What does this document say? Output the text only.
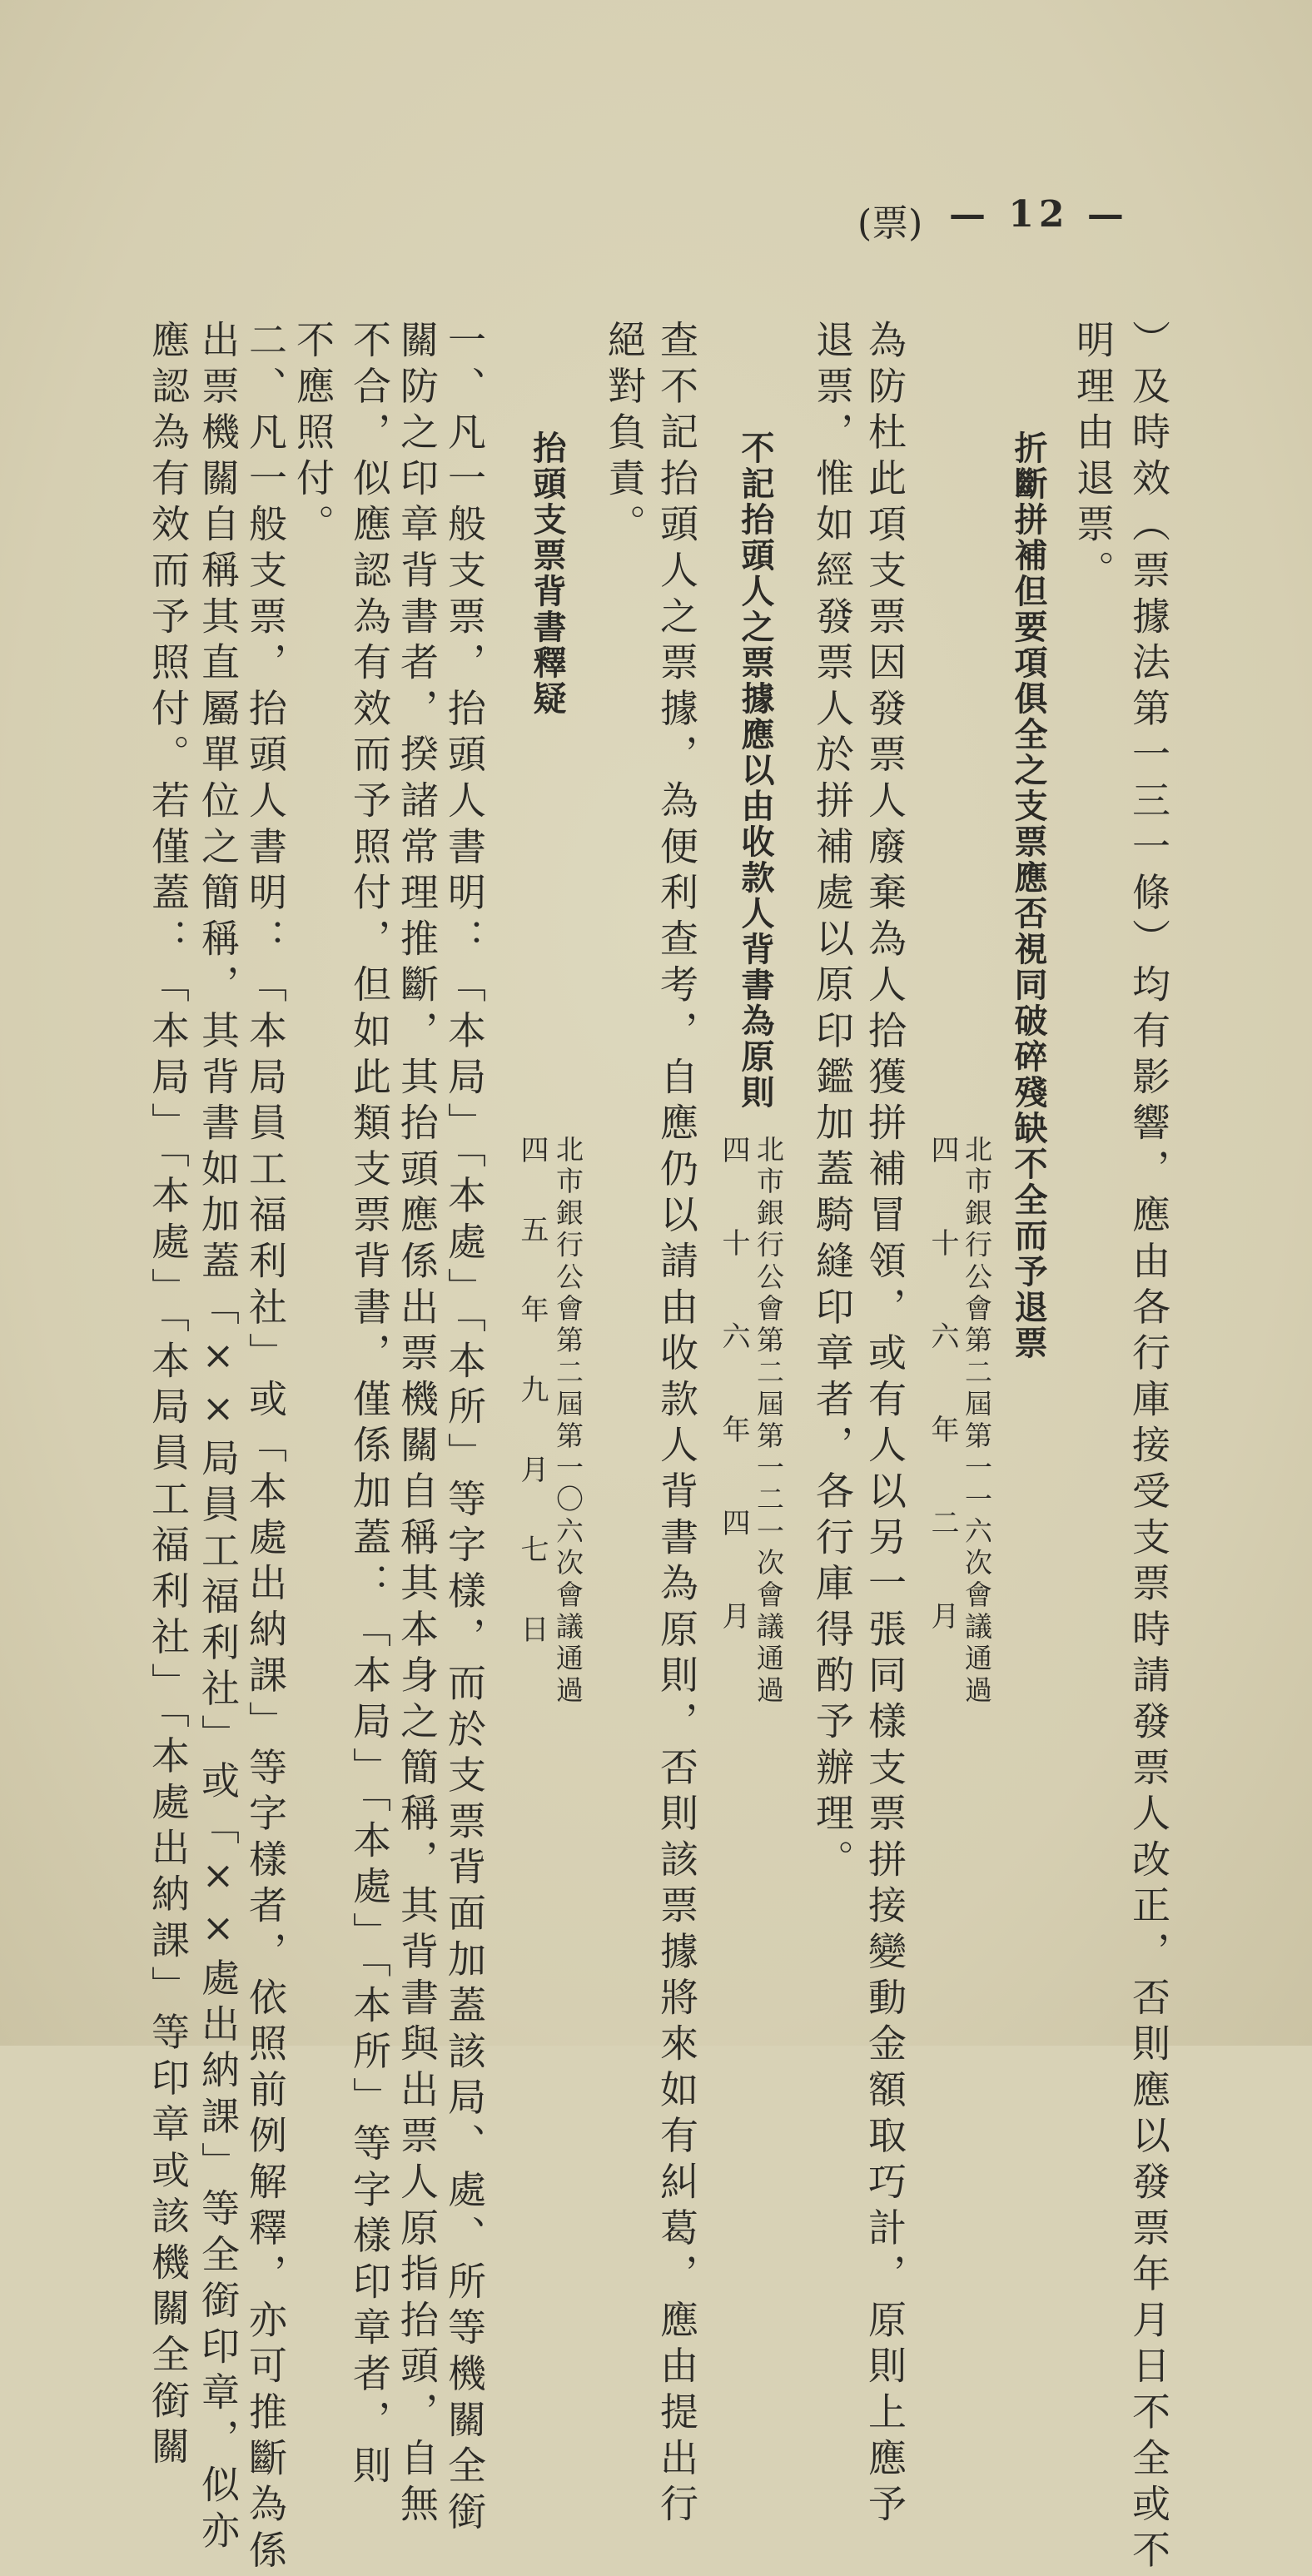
(票) — 12 —
）及時效（票據法第一三一條）均有影響，應由各行庫接受支票時請發票人改正，否則應以發票年月日不全或不
明理由退票。
折斷拼補但要項俱全之支票應否視同破碎殘缺不全而予退票
北市銀行公會第二屆第一一六次會議通過
四十六年二月
為防杜此項支票因發票人廢棄為人拾獲拼補冒領，或有人以另一張同樣支票拼接變動金額取巧計，原則上應予
退票，惟如經發票人於拼補處以原印鑑加蓋騎縫印章者，各行庫得酌予辦理。
不記抬頭人之票據應以由收款人背書為原則
北市銀行公會第二屆第一二一次會議通過
四十六年四月
查不記抬頭人之票據，為便利查考，自應仍以請由收款人背書為原則，否則該票據將來如有糾葛，應由提出行
絕對負責。
抬頭支票背書釋疑
北市銀行公會第二屆第一〇六次會議通過
四五年九月七日
一、凡一般支票，抬頭人書明：「本局」「本處」「本所」等字樣，而於支票背面加蓋該局、處、所等機關全銜
關防之印章背書者，揆諸常理推斷，其抬頭應係出票機關自稱其本身之簡稱，其背書與出票人原指抬頭，自無
不合，似應認為有效而予照付，但如此類支票背書，僅係加蓋：「本局」「本處」「本所」等字樣印章者，則
不應照付。
二、凡一般支票，抬頭人書明：「本局員工福利社」或「本處出納課」等字樣者，依照前例解釋，亦可推斷為係
出票機關自稱其直屬單位之簡稱，其背書如加蓋「××局員工福利社」或「××處出納課」等全銜印章，似亦
應認為有效而予照付。若僅蓋：「本局」「本處」「本局員工福利社」「本處出納課」等印章或該機關全銜關
